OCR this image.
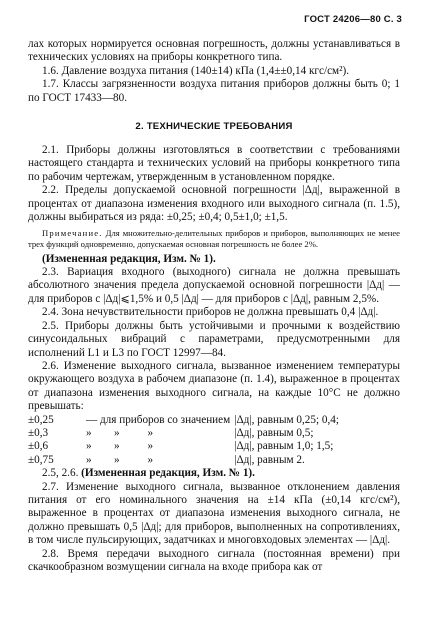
ГОСТ 24206—80 С. 3

лах которых нормируется основная погрешность, должны устанавливаться в технических условиях на приборы конкретного типа.

1.6. Давление воздуха питания (140±14) кПа (1,4±±0,14 кгс/см²).

1.7. Классы загрязненности воздуха питания приборов должны быть 0; 1 по ГОСТ 17433—80.

2. ТЕХНИЧЕСКИЕ ТРЕБОВАНИЯ

2.1. Приборы должны изготовляться в соответствии с требованиями настоящего стандарта и технических условий на приборы конкретного типа по рабочим чертежам, утвержденным в установленном порядке.

2.2. Пределы допускаемой основной погрешности |Δд|, выраженной в процентах от диапазона изменения входного или выходного сигнала (п. 1.5), должны выбираться из ряда: ±0,25; ±0,4; 0,5±1,0; ±1,5.

Примечание. Для множительно-делительных приборов и приборов, выполняющих не менее трех функций одновременно, допускаемая основная погрешность не более 2%.

(Измененная редакция, Изм. № 1).

2.3. Вариация входного (выходного) сигнала не должна превышать абсолютного значения предела допускаемой основной погрешности |Δд| — для приборов с |Δд|⩽1,5% и 0,5 |Δд| — для приборов с |Δд|, равным 2,5%.

2.4. Зона нечувствительности приборов не должна превышать 0,4 |Δд|.

2.5. Приборы должны быть устойчивыми и прочными к воздействию синусоидальных вибраций с параметрами, предусмотренными для исполнений L1 и L3 по ГОСТ 12997—84.

2.6. Изменение выходного сигнала, вызванное изменением температуры окружающего воздуха в рабочем диапазоне (п. 1.4), выраженное в процентах от диапазона изменения выходного сигнала, на каждые 10°С не должно превышать:

±0,25	— для приборов со значением	|Δд|, равным 0,25; 0,4;
±0,3	»        »          »	|Δд|, равным 0,5;
±0,6	»        »          »	|Δд|, равным 1,0; 1,5;
±0,75	»        »          »	|Δд|, равным 2.

2.5, 2.6. (Измененная редакция, Изм. № 1).

2.7. Изменение выходного сигнала, вызванное отклонением давления питания от его номинального значения на ±14 кПа (±0,14 кгс/см²), выраженное в процентах от диапазона изменения выходного сигнала, не должно превышать 0,5 |Δд|; для приборов, выполненных на сопротивлениях, в том числе пульсирующих, задатчиках и многовходовых элементах — |Δд|.

2.8. Время передачи выходного сигнала (постоянная времени) при скачкообразном возмущении сигнала на входе прибора как от
